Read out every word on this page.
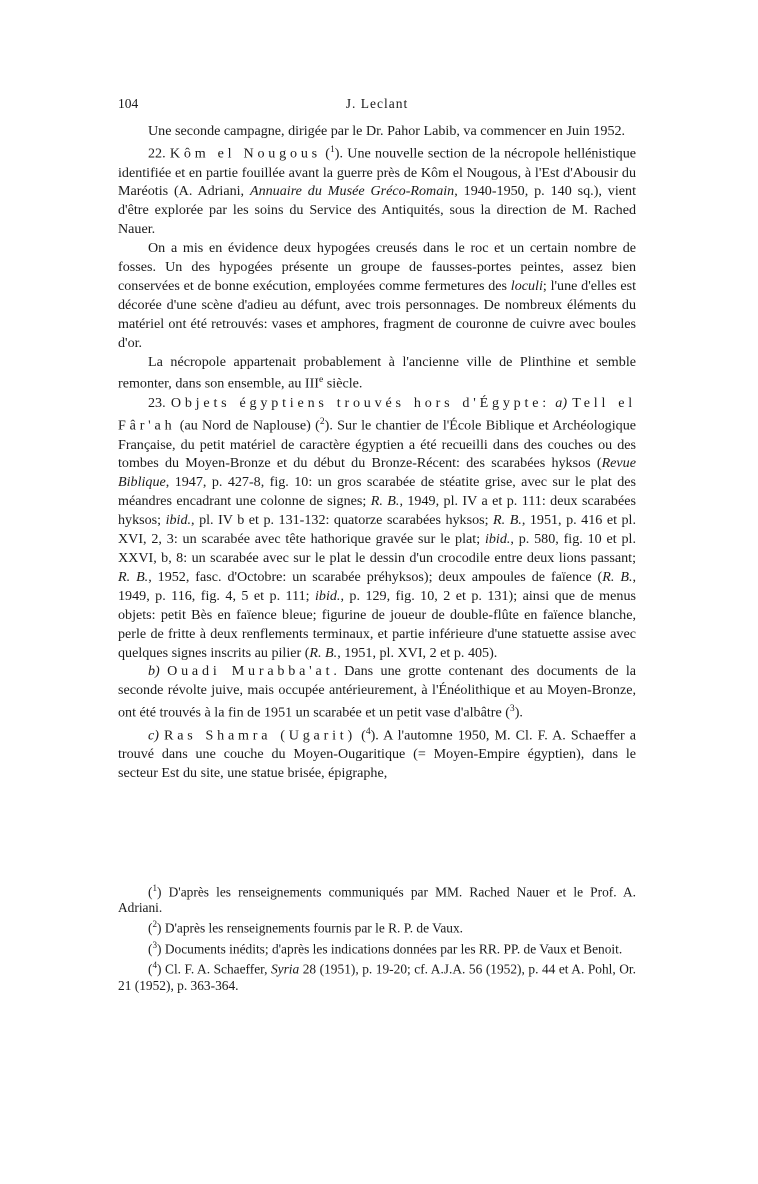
104	J. Leclant

Une seconde campagne, dirigée par le Dr. Pahor Labib, va commencer en Juin 1952.

22. Kôm el Nougous ($^1$). Une nouvelle section de la nécropole hellénistique identifiée et en partie fouillée avant la guerre près de Kôm el Nougous, à l'Est d'Abousir du Maréotis (A. Adriani, Annuaire du Musée Gréco-Romain, 1940-1950, p. 140 sq.), vient d'être explorée par les soins du Service des Antiquités, sous la direction de M. Rached Nauer.

On a mis en évidence deux hypogées creusés dans le roc et un certain nombre de fosses. Un des hypogées présente un groupe de fausses-portes peintes, assez bien conservées et de bonne exécution, employées comme fermetures des loculi; l'une d'elles est décorée d'une scène d'adieu au défunt, avec trois personnages. De nombreux éléments du matériel ont été retrouvés: vases et amphores, fragment de couronne de cuivre avec boules d'or.

La nécropole appartenait probablement à l'ancienne ville de Plinthine et semble remonter, dans son ensemble, au IIIe siècle.

23. Objets égyptiens trouvés hors d'Égypte: a) Tell el Fâr'ah (au Nord de Naplouse) ($^2$). Sur le chantier de l'École Biblique et Archéologique Française, du petit matériel de caractère égyptien a été recueilli dans des couches ou des tombes du Moyen-Bronze et du début du Bronze-Récent: des scarabées hyksos (Revue Biblique, 1947, p. 427-8, fig. 10: un gros scarabée de stéatite grise, avec sur le plat des méandres encadrant une colonne de signes; R. B., 1949, pl. IV a et p. 111: deux scarabées hyksos; ibid., pl. IV b et p. 131-132: quatorze scarabées hyksos; R. B., 1951, p. 416 et pl. XVI, 2, 3: un scarabée avec tête hathorique gravée sur le plat; ibid., p. 580, fig. 10 et pl. XXVI, b, 8: un scarabée avec sur le plat le dessin d'un crocodile entre deux lions passant; R. B., 1952, fasc. d'Octobre: un scarabée préhyksos); deux ampoules de faïence (R. B., 1949, p. 116, fig. 4, 5 et p. 111; ibid., p. 129, fig. 10, 2 et p. 131); ainsi que de menus objets: petit Bès en faïence bleue; figurine de joueur de double-flûte en faïence blanche, perle de fritte à deux renflements terminaux, et partie inférieure d'une statuette assise avec quelques signes inscrits au pilier (R. B., 1951, pl. XVI, 2 et p. 405).

b) Ouadi Murabba'at. Dans une grotte contenant des documents de la seconde révolte juive, mais occupée antérieurement, à l'Énéolithique et au Moyen-Bronze, ont été trouvés à la fin de 1951 un scarabée et un petit vase d'albâtre ($^3$).

c) Ras Shamra (Ugarit) ($^4$). A l'automne 1950, M. Cl. F. A. Schaeffer a trouvé dans une couche du Moyen-Ougaritique (= Moyen-Empire égyptien), dans le secteur Est du site, une statue brisée, épigraphe,

($^1$) D'après les renseignements communiqués par MM. Rached Nauer et le Prof. A. Adriani.

($^2$) D'après les renseignements fournis par le R. P. de Vaux.

($^3$) Documents inédits; d'après les indications données par les RR. PP. de Vaux et Benoit.

($^4$) Cl. F. A. Schaeffer, Syria 28 (1951), p. 19-20; cf. A.J.A. 56 (1952), p. 44 et A. Pohl, Or. 21 (1952), p. 363-364.
